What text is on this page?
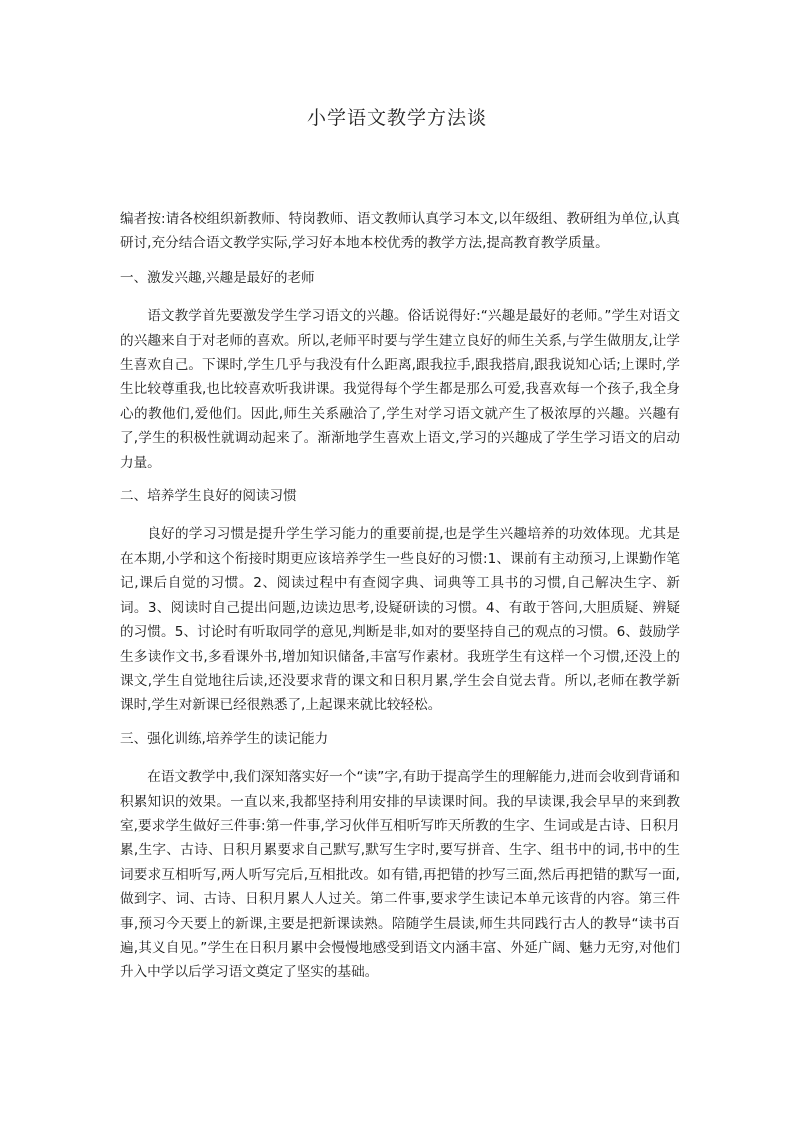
小学语文教学方法谈

编者按:请各校组织新教师、特岗教师、语文教师认真学习本文,以年级组、教研组为单位,认真研讨,充分结合语文教学实际,学习好本地本校优秀的教学方法,提高教育教学质量。

一、激发兴趣,兴趣是最好的老师

语文教学首先要激发学生学习语文的兴趣。俗话说得好:“兴趣是最好的老师。”学生对语文的兴趣来自于对老师的喜欢。所以,老师平时要与学生建立良好的师生关系,与学生做朋友,让学生喜欢自己。下课时,学生几乎与我没有什么距离,跟我拉手,跟我搭肩,跟我说知心话;上课时,学生比较尊重我,也比较喜欢听我讲课。我觉得每个学生都是那么可爱,我喜欢每一个孩子,我全身心的教他们,爱他们。因此,师生关系融洽了,学生对学习语文就产生了极浓厚的兴趣。兴趣有了,学生的积极性就调动起来了。渐渐地学生喜欢上语文,学习的兴趣成了学生学习语文的启动力量。

二、培养学生良好的阅读习惯

良好的学习习惯是提升学生学习能力的重要前提,也是学生兴趣培养的功效体现。尤其是在本期,小学和这个衔接时期更应该培养学生一些良好的习惯:1、课前有主动预习,上课勤作笔记,课后自觉的习惯。2、阅读过程中有查阅字典、词典等工具书的习惯,自己解决生字、新词。3、阅读时自己提出问题,边读边思考,设疑研读的习惯。4、有敢于答问,大胆质疑、辨疑的习惯。5、讨论时有听取同学的意见,判断是非,如对的要坚持自己的观点的习惯。6、鼓励学生多读作文书,多看课外书,增加知识储备,丰富写作素材。我班学生有这样一个习惯,还没上的课文,学生自觉地往后读,还没要求背的课文和日积月累,学生会自觉去背。所以,老师在教学新课时,学生对新课已经很熟悉了,上起课来就比较轻松。

三、强化训练,培养学生的读记能力

在语文教学中,我们深知落实好一个“读”字,有助于提高学生的理解能力,进而会收到背诵和积累知识的效果。一直以来,我都坚持利用安排的早读课时间。我的早读课,我会早早的来到教室,要求学生做好三件事:第一件事,学习伙伴互相听写昨天所教的生字、生词或是古诗、日积月累,生字、古诗、日积月累要求自己默写,默写生字时,要写拼音、生字、组书中的词,书中的生词要求互相听写,两人听写完后,互相批改。如有错,再把错的抄写三面,然后再把错的默写一面,做到字、词、古诗、日积月累人人过关。第二件事,要求学生读记本单元该背的内容。第三件事,预习今天要上的新课,主要是把新课读熟。陪随学生晨读,师生共同践行古人的教导“读书百遍,其义自见。”学生在日积月累中会慢慢地感受到语文内涵丰富、外延广阔、魅力无穷,对他们升入中学以后学习语文奠定了坚实的基础。
